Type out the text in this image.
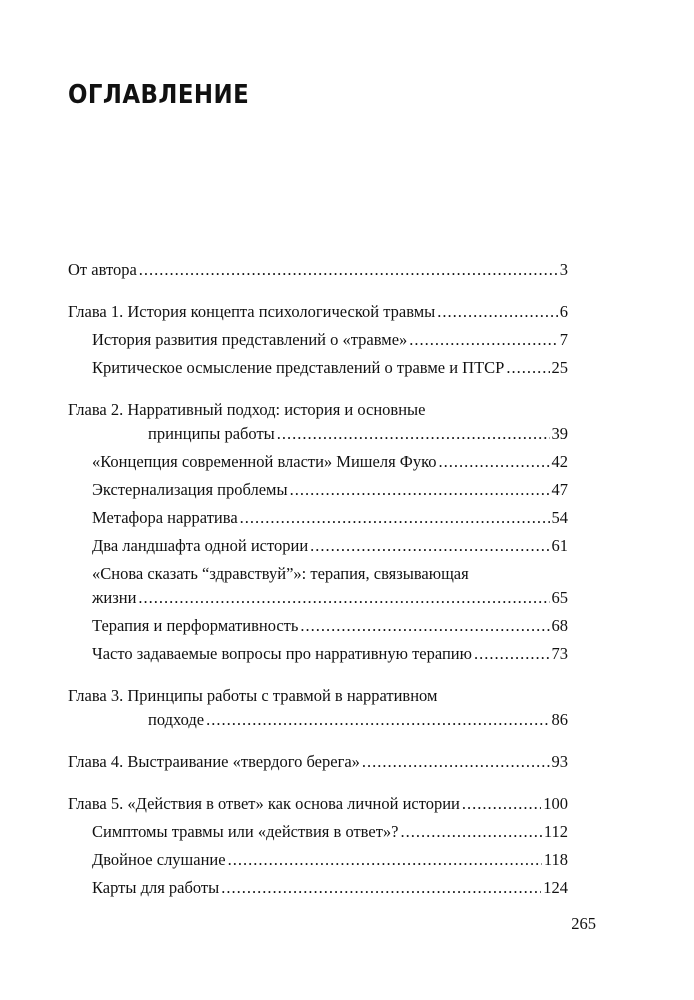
ОГЛАВЛЕНИЕ
От автора .....	3
Глава 1. История концепта психологической травмы .....	6
История развития представлений о «травме» .....	7
Критическое осмысление представлений о травме и ПТСР .....	25
Глава 2. Нарративный подход: история и основные
принципы работы .....	39
«Концепция современной власти» Мишеля Фуко .....	42
Экстернализация проблемы .....	47
Метафора нарратива .....	54
Два ландшафта одной истории .....	61
«Снова сказать “здравствуй”»: терапия, связывающая
жизни .....	65
Терапия и перформативность .....	68
Часто задаваемые вопросы про нарративную терапию .....	73
Глава 3. Принципы работы с травмой в нарративном
подходе .....	86
Глава 4. Выстраивание «твердого берега» .....	93
Глава 5. «Действия в ответ» как основа личной истории .....	100
Симптомы травмы или «действия в ответ»? .....	112
Двойное слушание .....	118
Карты для работы .....	124
265
